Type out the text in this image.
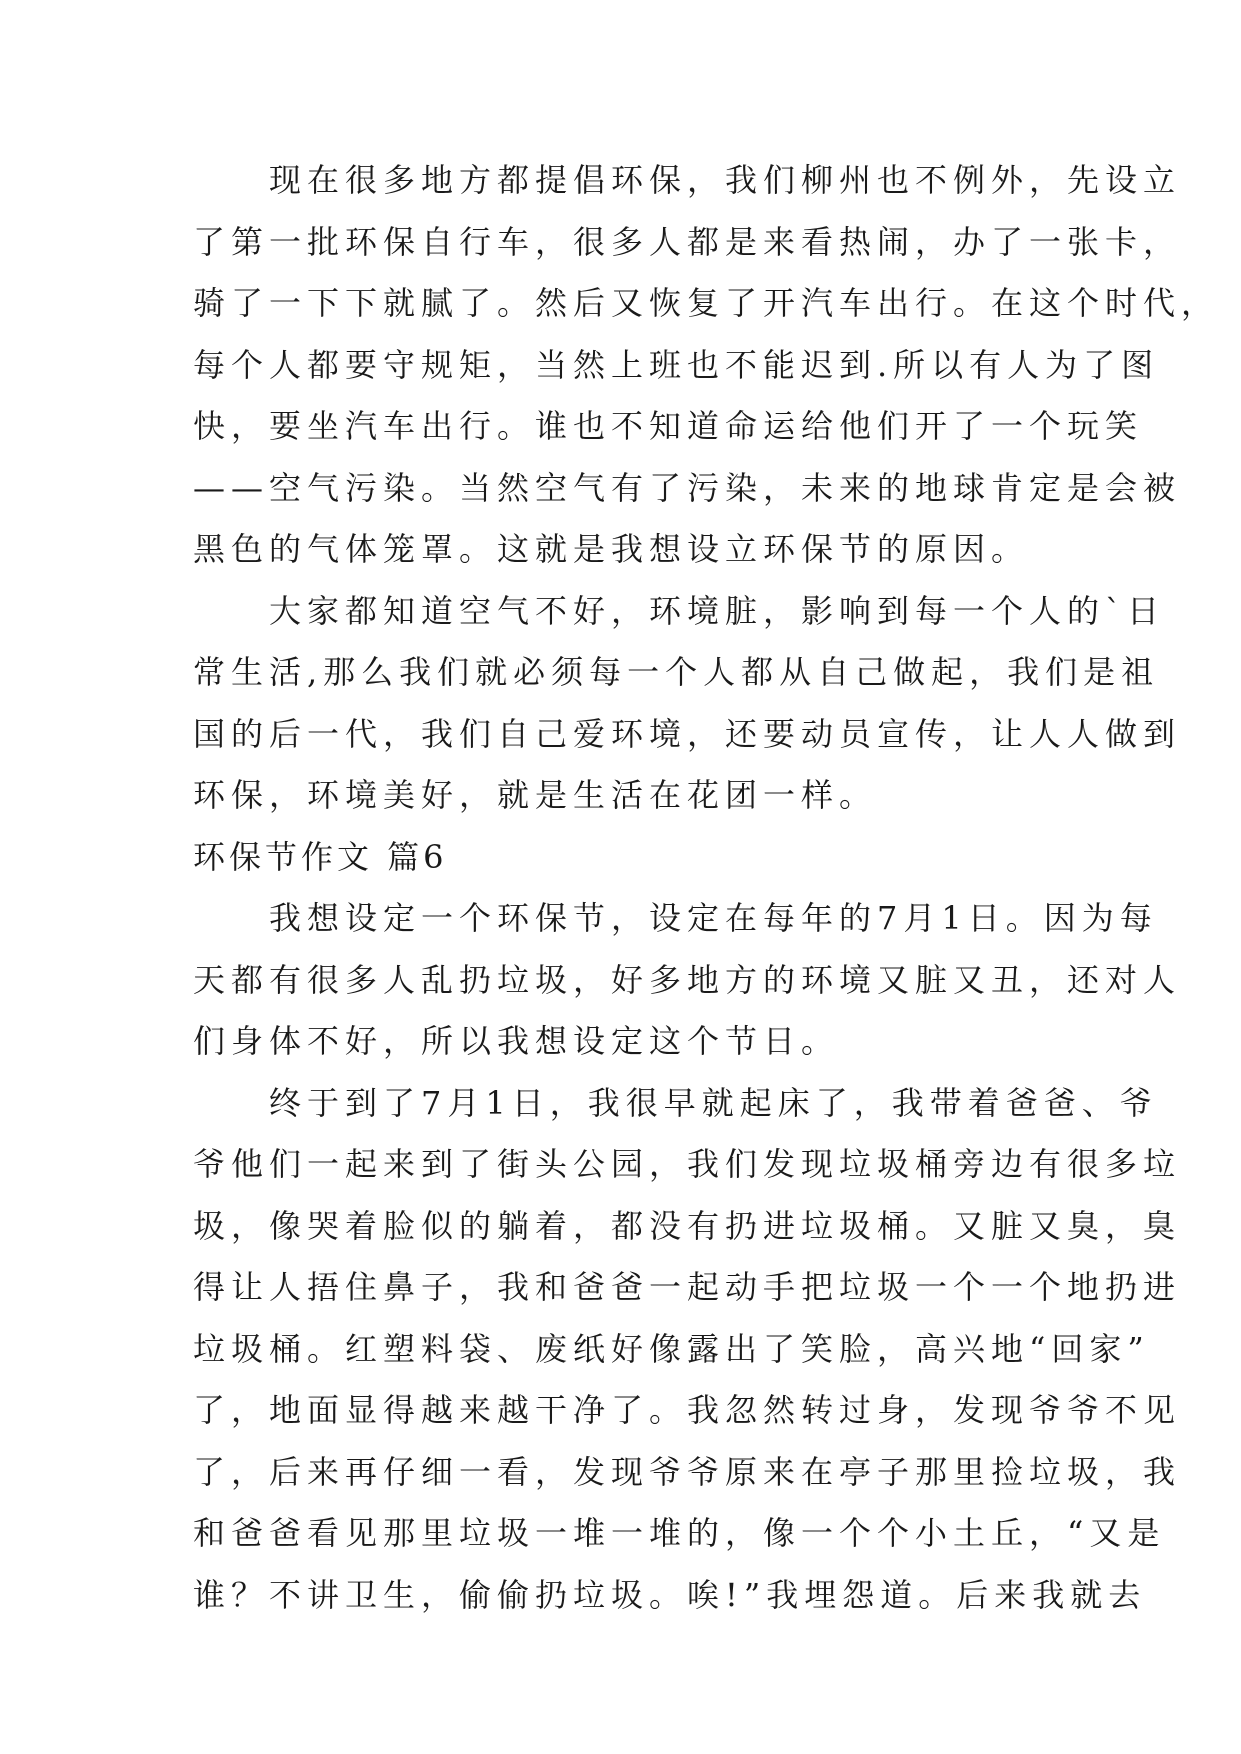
　　现在很多地方都提倡环保，我们柳州也不例外，先设立
了第一批环保自行车，很多人都是来看热闹，办了一张卡，
骑了一下下就腻了。然后又恢复了开汽车出行。在这个时代，
每个人都要守规矩，当然上班也不能迟到.所以有人为了图
快，要坐汽车出行。谁也不知道命运给他们开了一个玩笑
——空气污染。当然空气有了污染，未来的地球肯定是会被
黑色的气体笼罩。这就是我想设立环保节的原因。
　　大家都知道空气不好，环境脏，影响到每一个人的`日
常生活,那么我们就必须每一个人都从自己做起，我们是祖
国的后一代，我们自己爱环境，还要动员宣传，让人人做到
环保，环境美好，就是生活在花团一样。
环保节作文 篇6
　　我想设定一个环保节，设定在每年的7月1日。因为每
天都有很多人乱扔垃圾，好多地方的环境又脏又丑，还对人
们身体不好，所以我想设定这个节日。
　　终于到了7月1日，我很早就起床了，我带着爸爸、爷
爷他们一起来到了街头公园，我们发现垃圾桶旁边有很多垃
圾，像哭着脸似的躺着，都没有扔进垃圾桶。又脏又臭，臭
得让人捂住鼻子，我和爸爸一起动手把垃圾一个一个地扔进
垃圾桶。红塑料袋、废纸好像露出了笑脸，高兴地“回家”
了，地面显得越来越干净了。我忽然转过身，发现爷爷不见
了，后来再仔细一看，发现爷爷原来在亭子那里捡垃圾，我
和爸爸看见那里垃圾一堆一堆的，像一个个小土丘，“又是
谁？不讲卫生，偷偷扔垃圾。唉!”我埋怨道。后来我就去
